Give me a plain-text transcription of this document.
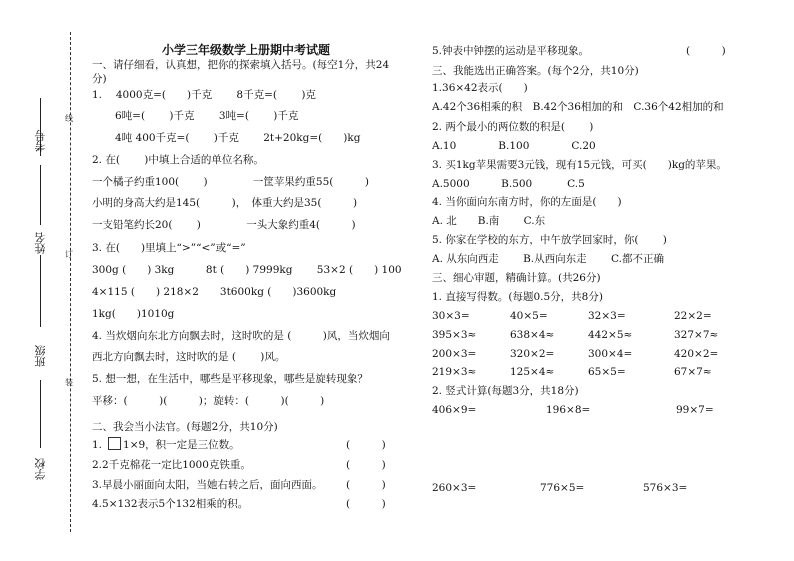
考号
姓名
班级
学校
线
订
装
小学三年级数学上册期中考试题
一、请仔细看，认真想，把你的探索填入括号。(每空1分，共24
分)
1.　 4000克=(　　)千克　　 8千克=(　　 )克
6吨=(　　 )千克　　 3吨=(　　 )千克
4吨 400千克=(　　 )千克　　 2t+20kg=(　　)kg
2. 在(　　 )中填上合适的单位名称。
一个橘子约重100(　　 )　　　　 一筐苹果约重55(　　　)
小明的身高大约是145(　　　)，　体重大约是35(　　　)
一支铅笔约长20(　　 )　　　　 一头大象约重4(　　　)
3. 在(　　)里填上“>”“<”或“=”
300g (　　) 3kg　　　8t (　　) 7999kg　　 53×2 (　　) 100
4×115 (　　) 218×2　　3t600kg (　　)3600kg
1kg(　　)1010g
4. 当炊烟向东北方向飘去时，这时吹的是 (　　　)风，当炊烟向
西北方向飘去时，这时吹的是 (　　 )风。
5. 想一想，在生活中，哪些是平移现象，哪些是旋转现象？
平移：(　　　)(　　　)；旋转：(　　　)(　　　)
二、我会当小法官。(每题2分，共10分)
1.　　1×9，积一定是三位数。	(　　　)
2.2千克棉花一定比1000克铁重。	(　　　)
3.早晨小丽面向太阳，当她右转之后，面向西面。 (　　　)
4.5×132表示5个132相乘的积。	(　　　)
5.钟表中钟摆的运动是平移现象。	(　　　)
三、我能选出正确答案。(每个2分，共10分)
1.36×42表示(　　)
A.42个36相乘的积　B.42个36相加的和　C.36个42相加的和
2. 两个最小的两位数的积是(　　 )
A.10　　　　B.100　　　　C.20
3. 买1kg苹果需要3元钱，现有15元钱，可买(　　)kg的苹果。
A.5000　　　B.500　　　 C.5
4. 当你面向东南方时，你的左面是(　　)
A. 北　　B.南　　 C.东
5. 你家在学校的东方，中午放学回家时，你(　　 )
A. 从东向西走　　 B.从西向东走　　 C.都不正确
三、细心审题，精确计算。(共26分)
1. 直接写得数。(每题0.5分，共8分)
30×3=	40×5=	32×3=	22×2=
395×3≈	638×4≈	442×5≈	327×7≈
200×3=	320×2=	300×4=	420×2=
219×3≈	125×4≈	65×5=	67×7≈
2. 竖式计算(每题3分，共18分)
406×9=	196×8=	99×7=
260×3=	776×5=	576×3=
